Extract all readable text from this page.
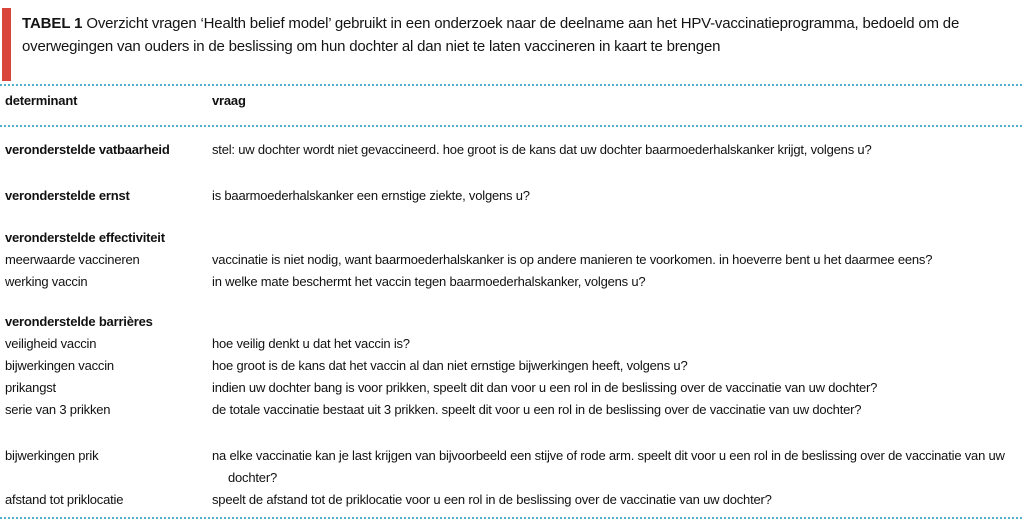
TABEL 1 Overzicht vragen ‘Health belief model’ gebruikt in een onderzoek naar de deelname aan het HPV-vaccinatieprogramma, bedoeld om de overwegingen van ouders in de beslissing om hun dochter al dan niet te laten vaccineren in kaart te brengen
determinant	vraag
veronderstelde vatbaarheid	stel: uw dochter wordt niet gevaccineerd. hoe groot is de kans dat uw dochter baarmoederhalskanker krijgt, volgens u?
veronderstelde ernst	is baarmoederhalskanker een ernstige ziekte, volgens u?
veronderstelde effectiviteit
meerwaarde vaccineren	vaccinatie is niet nodig, want baarmoederhalskanker is op andere manieren te voorkomen. in hoeverre bent u het daarmee eens?
werking vaccin	in welke mate beschermt het vaccin tegen baarmoederhalskanker, volgens u?
veronderstelde barrières
veiligheid vaccin	hoe veilig denkt u dat het vaccin is?
bijwerkingen vaccin	hoe groot is de kans dat het vaccin al dan niet ernstige bijwerkingen heeft, volgens u?
prikangst	indien uw dochter bang is voor prikken, speelt dit dan voor u een rol in de beslissing over de vaccinatie van uw dochter?
serie van 3 prikken	de totale vaccinatie bestaat uit 3 prikken. speelt dit voor u een rol in de beslissing over de vaccinatie van uw dochter?
bijwerkingen prik	na elke vaccinatie kan je last krijgen van bijvoorbeeld een stijve of rode arm. speelt dit voor u een rol in de beslissing over de vaccinatie van uw dochter?
afstand tot priklocatie	speelt de afstand tot de priklocatie voor u een rol in de beslissing over de vaccinatie van uw dochter?
